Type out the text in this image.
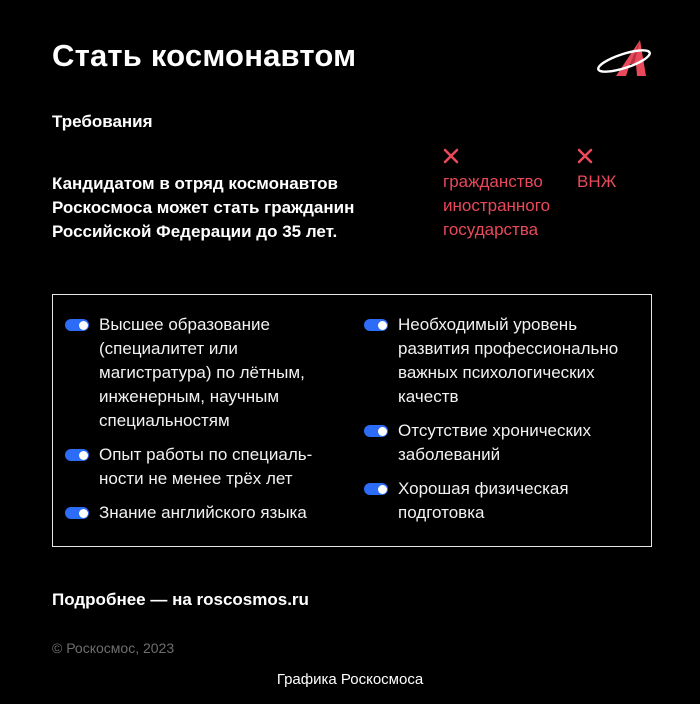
Стать космонавтом
Требования

Кандидатом в отряд космонавтов Роскосмоса может стать гражданин Российской Федерации до 35 лет.

гражданство иностранного государства
ВНЖ
Высшее образование (специалитет или магистратура) по лётным, инженерным, научным специальностям
Опыт работы по специаль-ности не менее трёх лет
Знание английского языка
Необходимый уровень развития профессионально важных психологических качеств
Отсутствие хронических заболеваний
Хорошая физическая подготовка
Подробнее — на roscosmos.ru
© Роскосмос, 2023
Графика Роскосмоса
